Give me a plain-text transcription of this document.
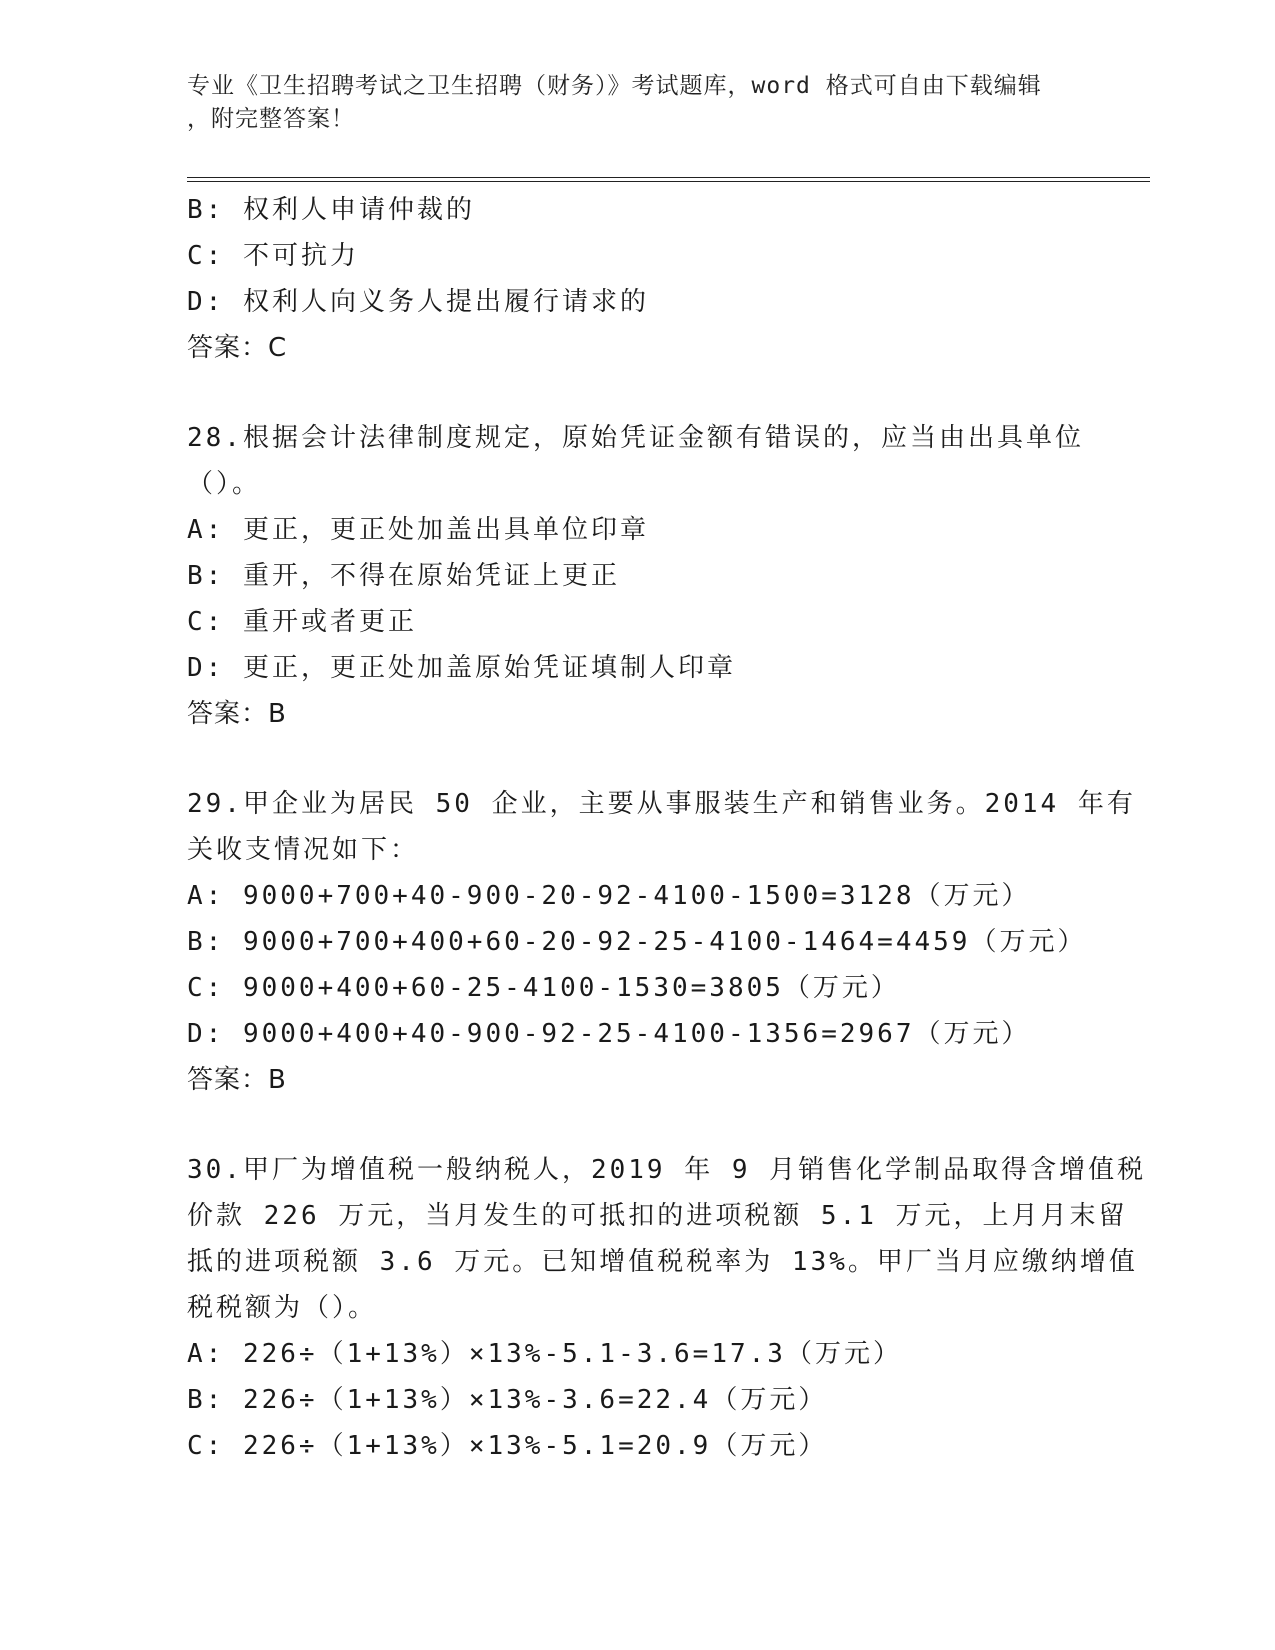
专业《卫生招聘考试之卫生招聘（财务）》考试题库，word 格式可自由下载编辑
，附完整答案！
B: 权利人申请仲裁的
C: 不可抗力
D: 权利人向义务人提出履行请求的
答案：C
28.根据会计法律制度规定，原始凭证金额有错误的，应当由出具单位
（）。
A: 更正，更正处加盖出具单位印章
B: 重开，不得在原始凭证上更正
C: 重开或者更正
D: 更正，更正处加盖原始凭证填制人印章
答案：B
29.甲企业为居民 50 企业，主要从事服装生产和销售业务。2014 年有
关收支情况如下：
A: 9000+700+40-900-20-92-4100-1500=3128（万元）
B: 9000+700+400+60-20-92-25-4100-1464=4459（万元）
C: 9000+400+60-25-4100-1530=3805（万元）
D: 9000+400+40-900-92-25-4100-1356=2967（万元）
答案：B
30.甲厂为增值税一般纳税人，2019 年 9 月销售化学制品取得含增值税
价款 226 万元，当月发生的可抵扣的进项税额 5.1 万元，上月月末留
抵的进项税额 3.6 万元。已知增值税税率为 13%。甲厂当月应缴纳增值
税税额为（）。
A: 226÷（1+13%）×13%-5.1-3.6=17.3（万元）
B: 226÷（1+13%）×13%-3.6=22.4（万元）
C: 226÷（1+13%）×13%-5.1=20.9（万元）
